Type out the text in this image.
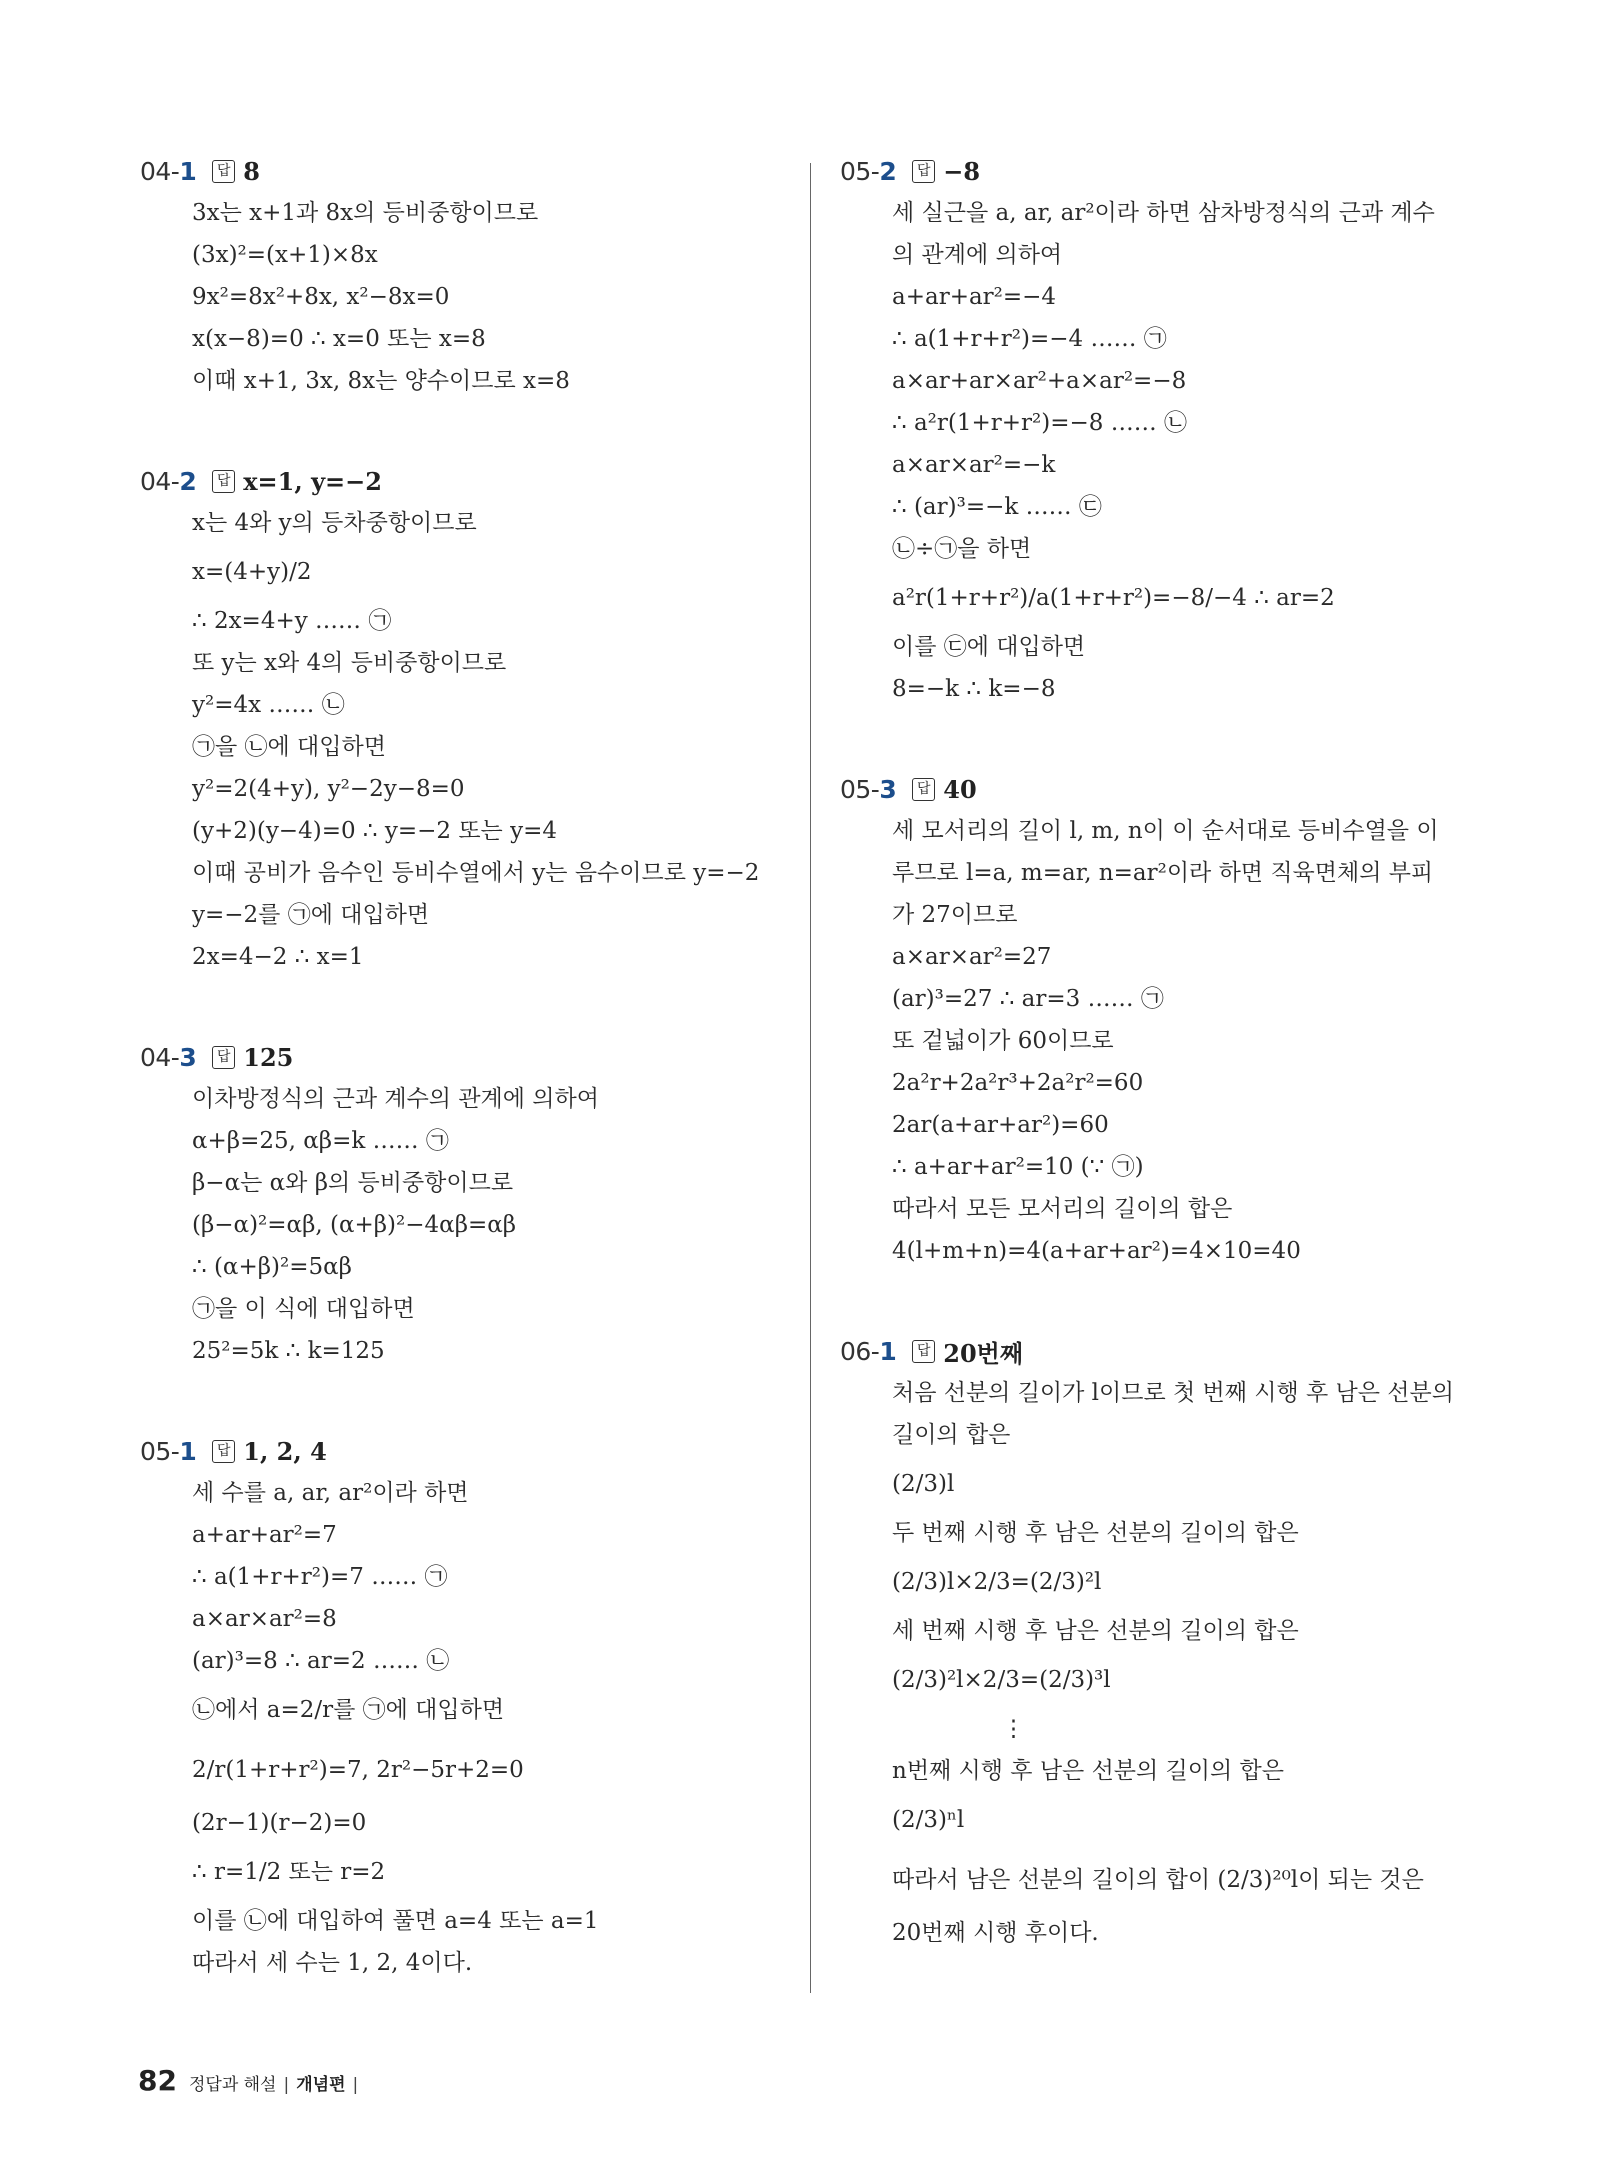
04-1	답 8
3x는 x+1과 8x의 등비중항이므로
(3x)²=(x+1)×8x
9x²=8x²+8x, x²−8x=0
x(x−8)=0 ∴ x=0 또는 x=8
이때 x+1, 3x, 8x는 양수이므로 x=8
04-2	답 x=1, y=−2
x는 4와 y의 등차중항이므로
x=(4+y)/2
∴ 2x=4+y …… ㉠
또 y는 x와 4의 등비중항이므로
y²=4x …… ㉡
㉠을 ㉡에 대입하면
y²=2(4+y), y²−2y−8=0
(y+2)(y−4)=0 ∴ y=−2 또는 y=4
이때 공비가 음수인 등비수열에서 y는 음수이므로 y=−2
y=−2를 ㉠에 대입하면
2x=4−2 ∴ x=1
04-3	답 125
이차방정식의 근과 계수의 관계에 의하여
α+β=25, αβ=k …… ㉠
β−α는 α와 β의 등비중항이므로
(β−α)²=αβ, (α+β)²−4αβ=αβ
∴ (α+β)²=5αβ
㉠을 이 식에 대입하면
25²=5k ∴ k=125
05-1	답 1, 2, 4
세 수를 a, ar, ar²이라 하면
a+ar+ar²=7
∴ a(1+r+r²)=7 …… ㉠
a×ar×ar²=8
(ar)³=8 ∴ ar=2 …… ㉡
㉡에서 a=2/r를 ㉠에 대입하면
2/r(1+r+r²)=7, 2r²−5r+2=0
(2r−1)(r−2)=0
∴ r=1/2 또는 r=2
이를 ㉡에 대입하여 풀면 a=4 또는 a=1
따라서 세 수는 1, 2, 4이다.
05-2	답 −8
세 실근을 a, ar, ar²이라 하면 삼차방정식의 근과 계수
의 관계에 의하여
a+ar+ar²=−4
∴ a(1+r+r²)=−4 …… ㉠
a×ar+ar×ar²+a×ar²=−8
∴ a²r(1+r+r²)=−8 …… ㉡
a×ar×ar²=−k
∴ (ar)³=−k …… ㉢
㉡÷㉠을 하면
a²r(1+r+r²)/a(1+r+r²)=−8/−4 ∴ ar=2
이를 ㉢에 대입하면
8=−k ∴ k=−8
05-3	답 40
세 모서리의 길이 l, m, n이 이 순서대로 등비수열을 이
루므로 l=a, m=ar, n=ar²이라 하면 직육면체의 부피
가 27이므로
a×ar×ar²=27
(ar)³=27 ∴ ar=3 …… ㉠
또 겉넓이가 60이므로
2a²r+2a²r³+2a²r²=60
2ar(a+ar+ar²)=60
∴ a+ar+ar²=10 (∵ ㉠)
따라서 모든 모서리의 길이의 합은
4(l+m+n)=4(a+ar+ar²)=4×10=40
06-1	답 20번째
처음 선분의 길이가 l이므로 첫 번째 시행 후 남은 선분의
길이의 합은
(2/3)l
두 번째 시행 후 남은 선분의 길이의 합은
(2/3)l×2/3=(2/3)²l
세 번째 시행 후 남은 선분의 길이의 합은
(2/3)²l×2/3=(2/3)³l
⋮
n번째 시행 후 남은 선분의 길이의 합은
(2/3)ⁿl
따라서 남은 선분의 길이의 합이 (2/3)²⁰l이 되는 것은
20번째 시행 후이다.
82 정답과 해설 | 개념편 |
